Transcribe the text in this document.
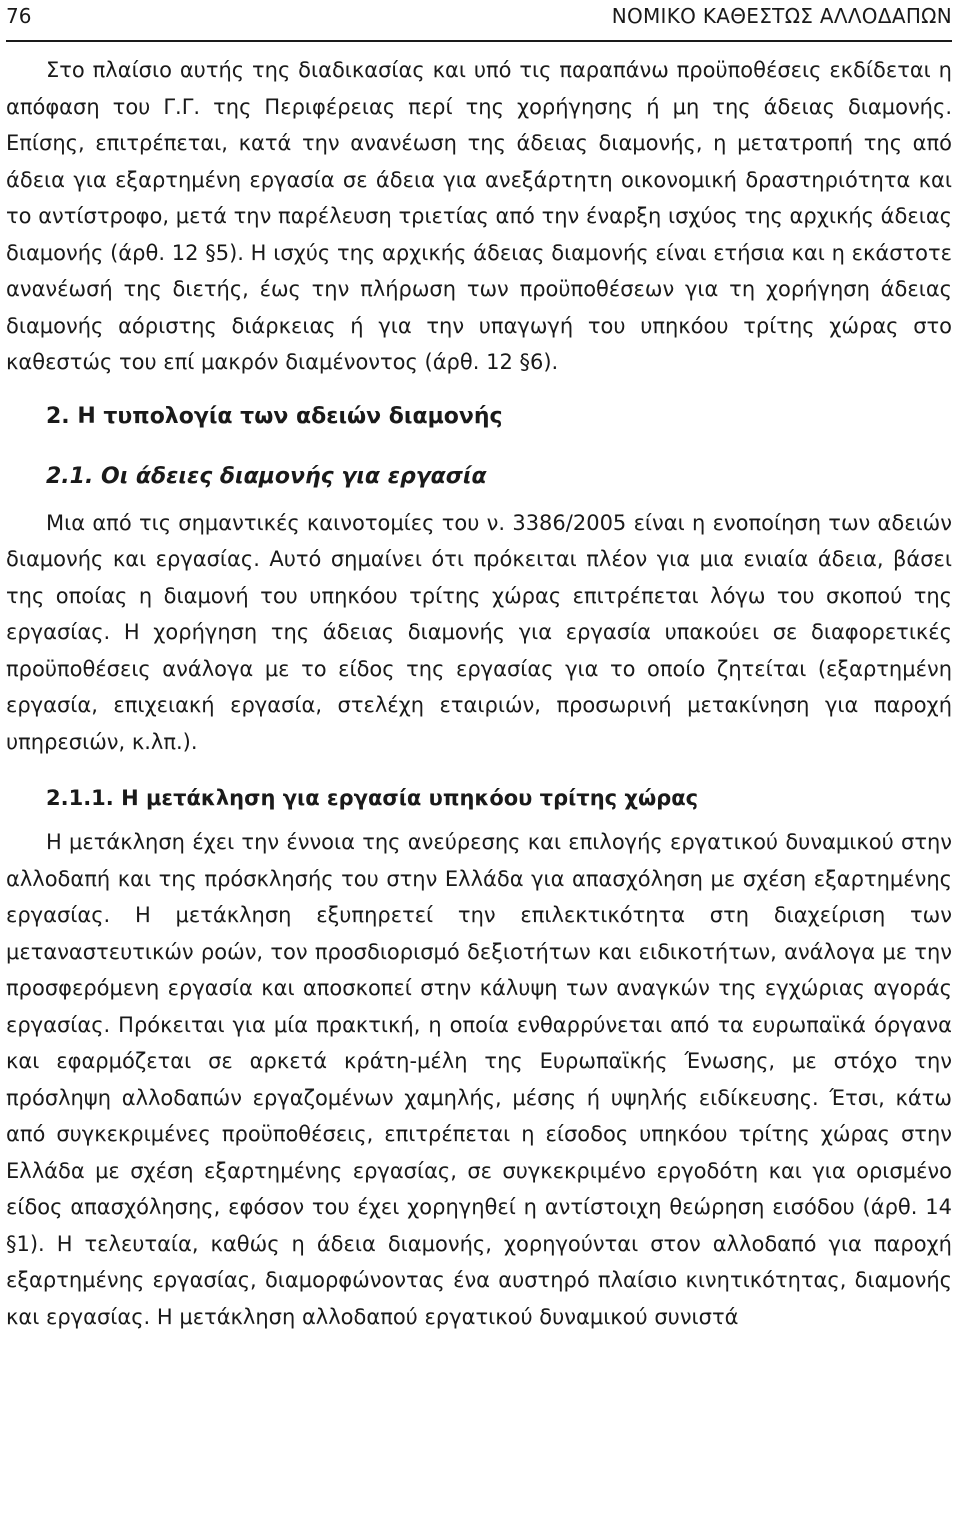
76	ΝΟΜΙΚΟ ΚΑΘΕΣΤΩΣ ΑΛΛΟΔΑΠΩΝ

Στο πλαίσιο αυτής της διαδικασίας και υπό τις παραπάνω προϋποθέσεις εκδίδεται η απόφαση του Γ.Γ. της Περιφέρειας περί της χορήγησης ή μη της άδειας διαμονής. Επίσης, επιτρέπεται, κατά την ανανέωση της άδειας διαμονής, η μετατροπή της από άδεια για εξαρτημένη εργασία σε άδεια για ανεξάρτητη οικονομική δραστηριότητα και το αντίστροφο, μετά την παρέλευση τριετίας από την έναρξη ισχύος της αρχικής άδειας διαμονής (άρθ. 12 §5). Η ισχύς της αρχικής άδειας διαμονής είναι ετήσια και η εκάστοτε ανανέωσή της διετής, έως την πλήρωση των προϋποθέσεων για τη χορήγηση άδειας διαμονής αόριστης διάρκειας ή για την υπαγωγή του υπηκόου τρίτης χώρας στο καθεστώς του επί μακρόν διαμένοντος (άρθ. 12 §6).

2. Η τυπολογία των αδειών διαμονής
2.1. Οι άδειες διαμονής για εργασία

Μια από τις σημαντικές καινοτομίες του ν. 3386/2005 είναι η ενοποίηση των αδειών διαμονής και εργασίας. Αυτό σημαίνει ότι πρόκειται πλέον για μια ενιαία άδεια, βάσει της οποίας η διαμονή του υπηκόου τρίτης χώρας επιτρέπεται λόγω του σκοπού της εργασίας. Η χορήγηση της άδειας διαμονής για εργασία υπακούει σε διαφορετικές προϋποθέσεις ανάλογα με το είδος της εργασίας για το οποίο ζητείται (εξαρτημένη εργασία, επιχειακή εργασία, στελέχη εταιριών, προσωρινή μετακίνηση για παροχή υπηρεσιών, κ.λπ.).

2.1.1. Η μετάκληση για εργασία υπηκόου τρίτης χώρας

Η μετάκληση έχει την έννοια της ανεύρεσης και επιλογής εργατικού δυναμικού στην αλλοδαπή και της πρόσκλησής του στην Ελλάδα για απασχόληση με σχέση εξαρτημένης εργασίας. Η μετάκληση εξυπηρετεί την επιλεκτικότητα στη διαχείριση των μεταναστευτικών ροών, τον προσδιορισμό δεξιοτήτων και ειδικοτήτων, ανάλογα με την προσφερόμενη εργασία και αποσκοπεί στην κάλυψη των αναγκών της εγχώριας αγοράς εργασίας. Πρόκειται για μία πρακτική, η οποία ενθαρρύνεται από τα ευρωπαϊκά όργανα και εφαρμόζεται σε αρκετά κράτη-μέλη της Ευρωπαϊκής Ένωσης, με στόχο την πρόσληψη αλλοδαπών εργαζομένων χαμηλής, μέσης ή υψηλής ειδίκευσης. Έτσι, κάτω από συγκεκριμένες προϋποθέσεις, επιτρέπεται η είσοδος υπηκόου τρίτης χώρας στην Ελλάδα με σχέση εξαρτημένης εργασίας, σε συγκεκριμένο εργοδότη και για ορισμένο είδος απασχόλησης, εφόσον του έχει χορηγηθεί η αντίστοιχη θεώρηση εισόδου (άρθ. 14 §1). Η τελευταία, καθώς η άδεια διαμονής, χορηγούνται στον αλλοδαπό για παροχή εξαρτημένης εργασίας, διαμορφώνοντας ένα αυστηρό πλαίσιο κινητικότητας, διαμονής και εργασίας. Η μετάκληση αλλοδαπού εργατικού δυναμικού συνιστά
